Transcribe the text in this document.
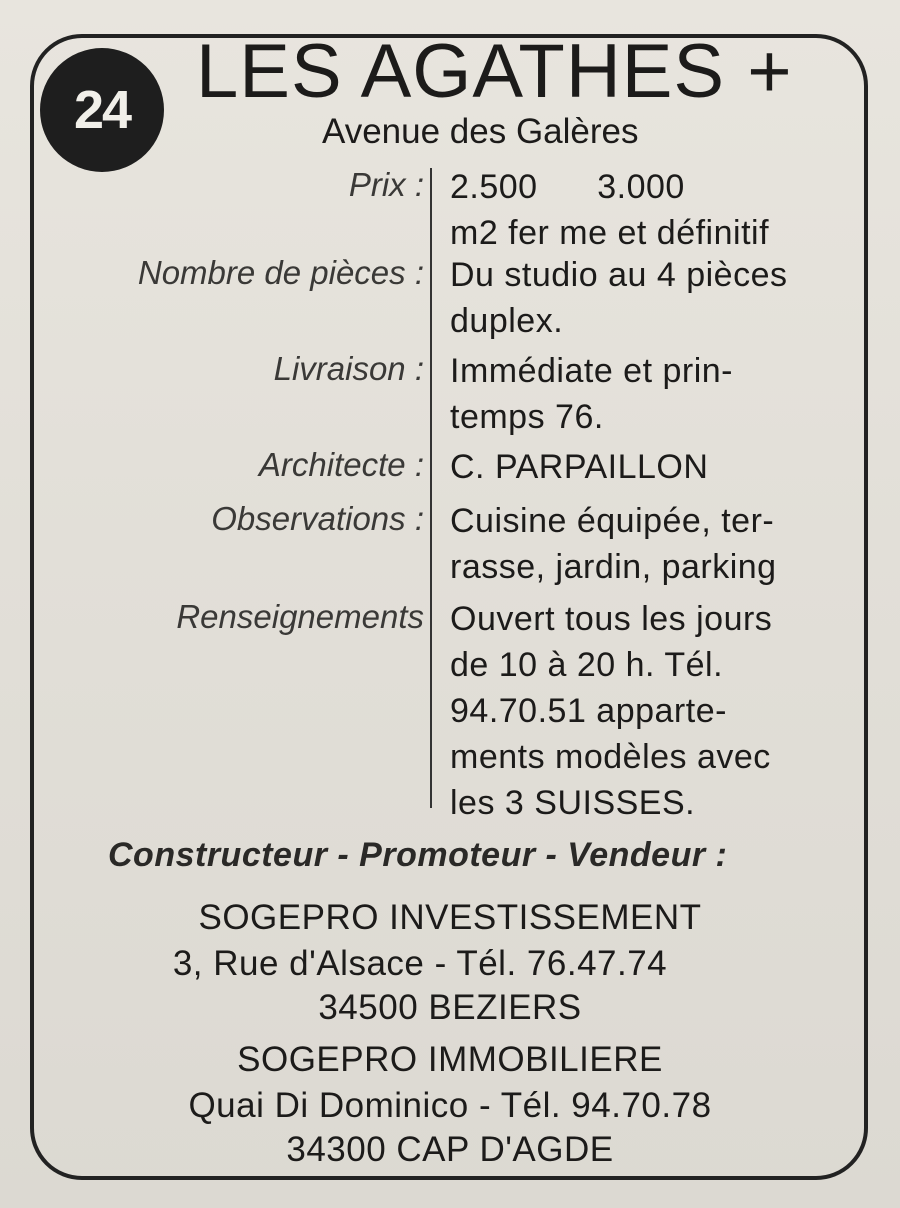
24 LES AGATHES +
Avenue des Galères
Prix : 2.500      3.000
m2 fer me et définitif
Nombre de pièces : Du studio au 4 pièces
duplex.
Livraison : Immédiate et prin-
temps 76.
Architecte : C. PARPAILLON
Observations : Cuisine équipée, ter-
rasse, jardin, parking
Renseignements Ouvert tous les jours
de 10 à 20 h. Tél.
94.70.51 apparte-
ments modèles avec
les 3 SUISSES.
Constructeur - Promoteur - Vendeur :
SOGEPRO INVESTISSEMENT
3, Rue d'Alsace - Tél. 76.47.74
34500 BEZIERS
SOGEPRO IMMOBILIERE
Quai Di Dominico - Tél. 94.70.78
34300 CAP D'AGDE
